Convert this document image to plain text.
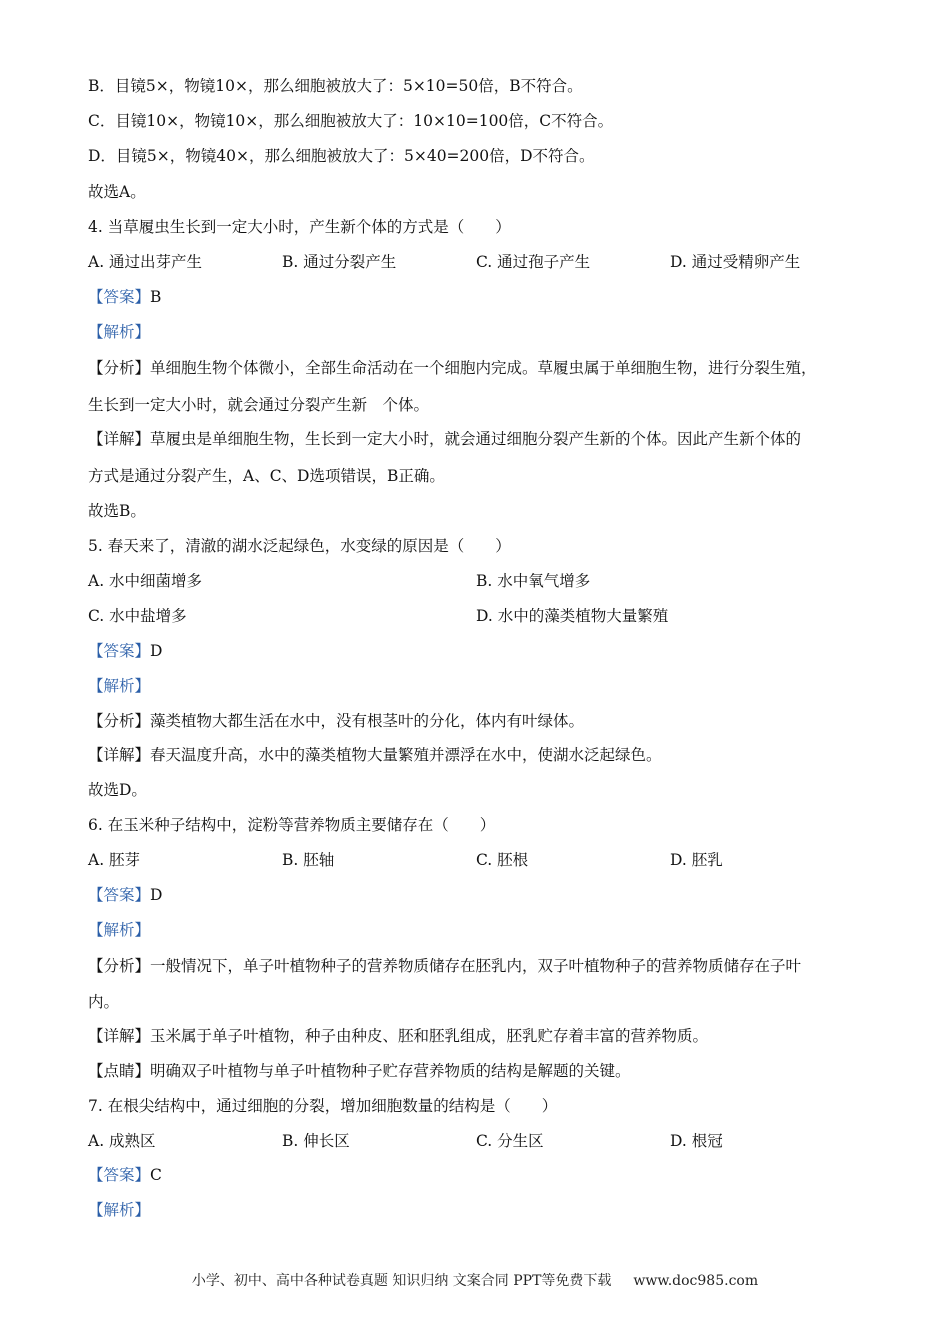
B．目镜5×，物镜10×，那么细胞被放大了：5×10=50倍，B不符合。
C．目镜10×，物镜10×，那么细胞被放大了：10×10=100倍，C不符合。
D．目镜5×，物镜40×，那么细胞被放大了：5×40=200倍，D不符合。
故选A。
4. 当草履虫生长到一定大小时，产生新个体的方式是（　　）
A. 通过出芽产生	B. 通过分裂产生	C. 通过孢子产生	D. 通过受精卵产生
【答案】B
【解析】
【分析】单细胞生物个体微小，全部生命活动在一个细胞内完成。草履虫属于单细胞生物，进行分裂生殖，
生长到一定大小时，就会通过分裂产生新　个体。
【详解】草履虫是单细胞生物，生长到一定大小时，就会通过细胞分裂产生新的个体。因此产生新个体的
方式是通过分裂产生，A、C、D选项错误，B正确。
故选B。
5. 春天来了，清澈的湖水泛起绿色，水变绿的原因是（　　）
A. 水中细菌增多	B. 水中氧气增多
C. 水中盐增多	D. 水中的藻类植物大量繁殖
【答案】D
【解析】
【分析】藻类植物大都生活在水中，没有根茎叶的分化，体内有叶绿体。
【详解】春天温度升高，水中的藻类植物大量繁殖并漂浮在水中，使湖水泛起绿色。
故选D。
6. 在玉米种子结构中，淀粉等营养物质主要储存在（　　）
A. 胚芽	B. 胚轴	C. 胚根	D. 胚乳
【答案】D
【解析】
【分析】一般情况下，单子叶植物种子的营养物质储存在胚乳内，双子叶植物种子的营养物质储存在子叶
内。
【详解】玉米属于单子叶植物，种子由种皮、胚和胚乳组成，胚乳贮存着丰富的营养物质。
【点睛】明确双子叶植物与单子叶植物种子贮存营养物质的结构是解题的关键。
7. 在根尖结构中，通过细胞的分裂，增加细胞数量的结构是（　　）
A. 成熟区	B. 伸长区	C. 分生区	D. 根冠
【答案】C
【解析】
小学、初中、高中各种试卷真题 知识归纳 文案合同 PPT等免费下载 www.doc985.com
